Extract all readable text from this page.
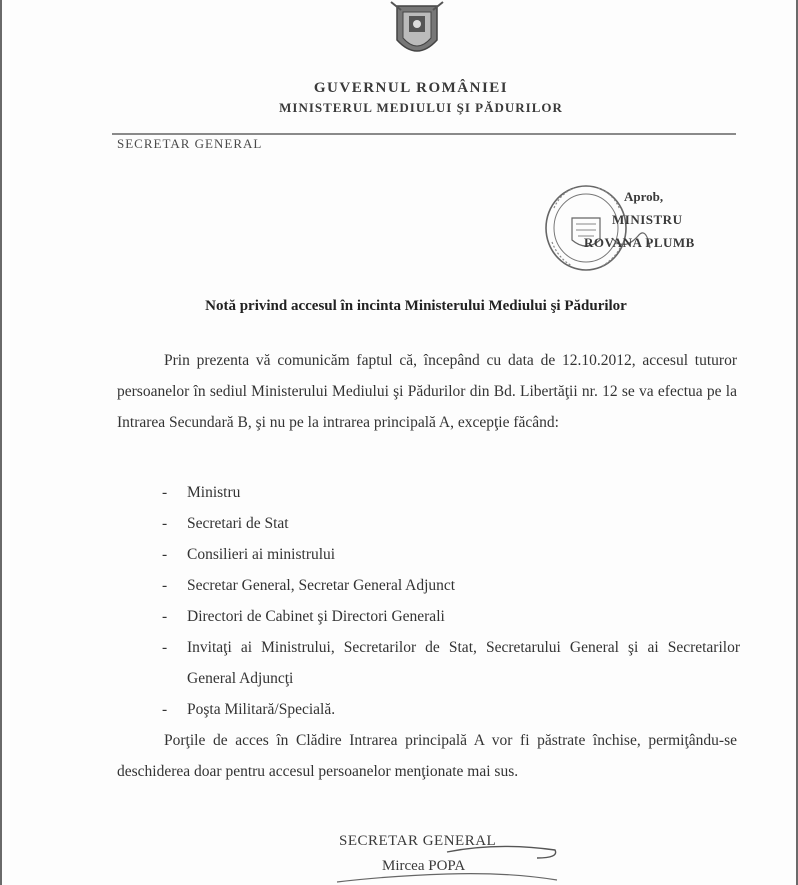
GUVERNUL ROMÂNIEI
MINISTERUL MEDIULUI ŞI PĂDURILOR
SECRETAR GENERAL
Aprob,
MINISTRU
ROVANA PLUMB
Notă privind accesul în incinta Ministerului Mediului şi Pădurilor
Prin prezenta vă comunicăm faptul că, începând cu data de 12.10.2012, accesul tuturor persoanelor în sediul Ministerului Mediului şi Pădurilor din Bd. Libertăţii nr. 12 se va efectua pe la Intrarea Secundară B, şi nu pe la intrarea principală A, excepţie făcând:
- Ministru
- Secretari de Stat
- Consilieri ai ministrului
- Secretar General, Secretar General Adjunct
- Directori de Cabinet şi Directori Generali
- Invitaţi ai Ministrului, Secretarilor de Stat, Secretarului General şi ai Secretarilor General Adjuncţi
- Poşta Militară/Specială.
Porţile de acces în Clădire Intrarea principală A vor fi păstrate închise, permiţându-se deschiderea doar pentru accesul persoanelor menţionate mai sus.
SECRETAR GENERAL
Mircea POPA
